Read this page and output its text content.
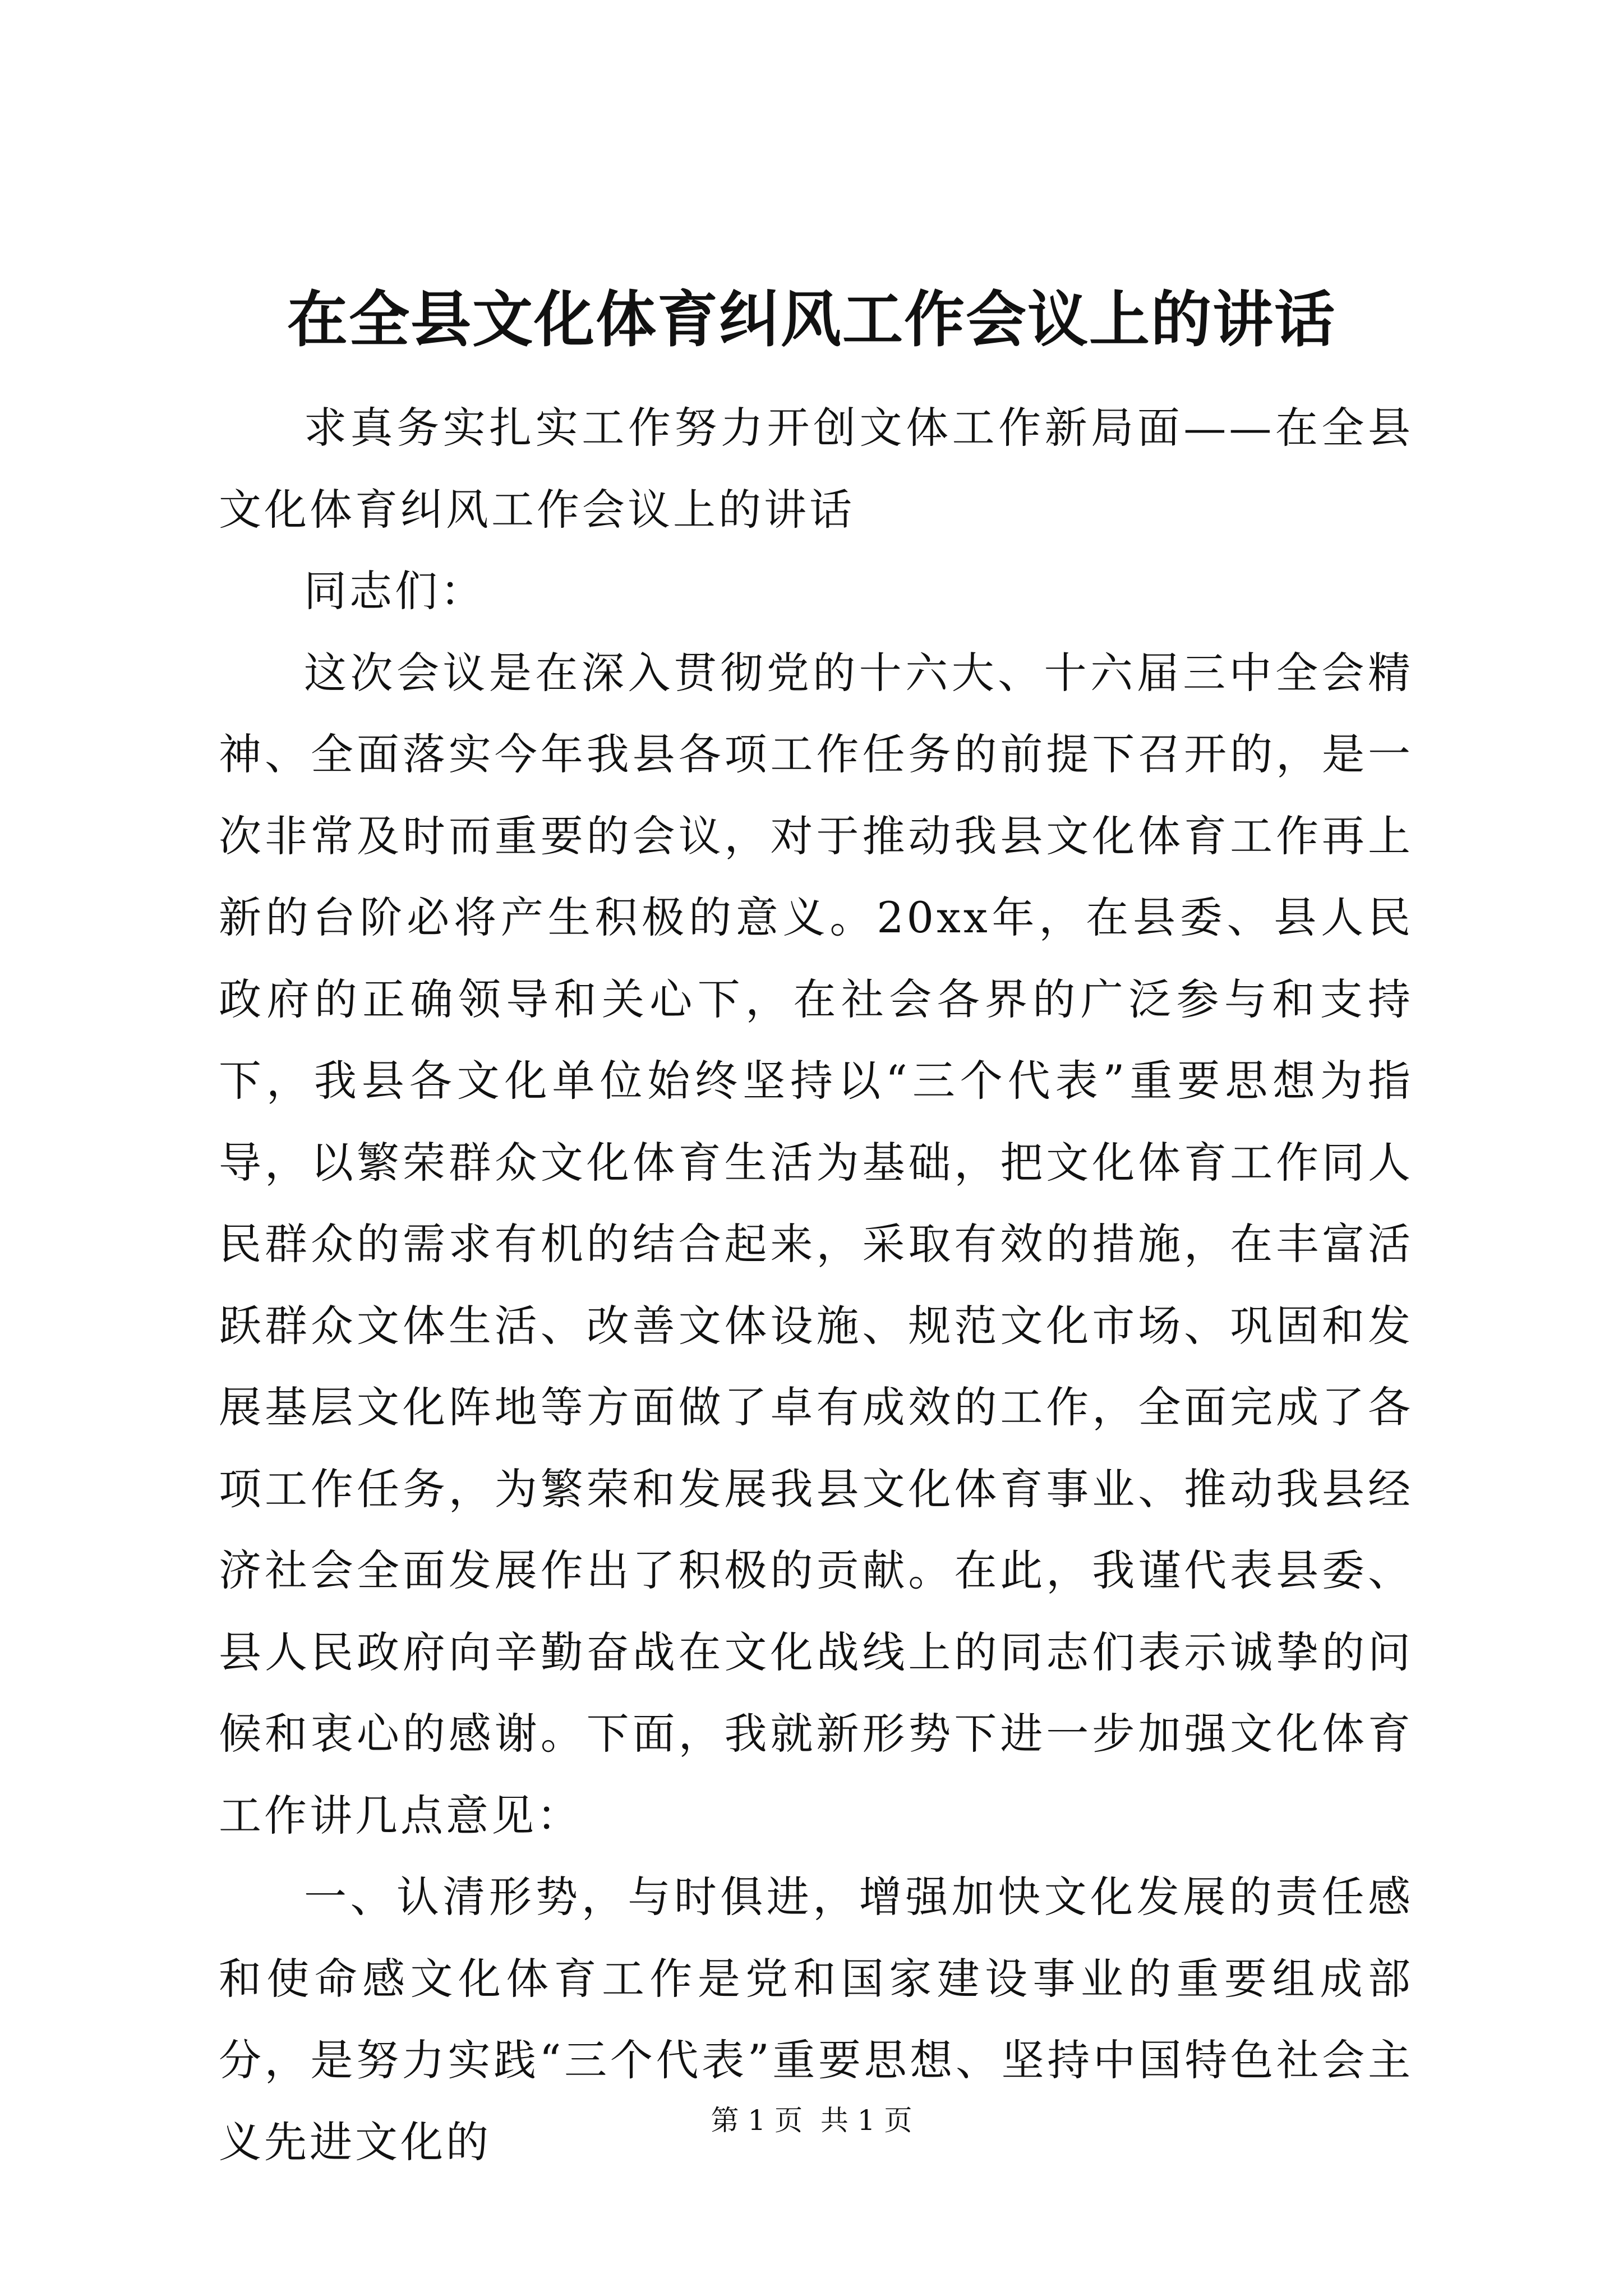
在全县文化体育纠风工作会议上的讲话

求真务实扎实工作努力开创文体工作新局面——在全县文化体育纠风工作会议上的讲话

同志们：

这次会议是在深入贯彻党的十六大、十六届三中全会精神、全面落实今年我县各项工作任务的前提下召开的，是一次非常及时而重要的会议，对于推动我县文化体育工作再上新的台阶必将产生积极的意义。20xx年，在县委、县人民政府的正确领导和关心下，在社会各界的广泛参与和支持下，我县各文化单位始终坚持以“三个代表”重要思想为指导，以繁荣群众文化体育生活为基础，把文化体育工作同人民群众的需求有机的结合起来，采取有效的措施，在丰富活跃群众文体生活、改善文体设施、规范文化市场、巩固和发展基层文化阵地等方面做了卓有成效的工作，全面完成了各项工作任务，为繁荣和发展我县文化体育事业、推动我县经济社会全面发展作出了积极的贡献。在此，我谨代表县委、县人民政府向辛勤奋战在文化战线上的同志们表示诚挚的问候和衷心的感谢。下面，我就新形势下进一步加强文化体育工作讲几点意见：

一、认清形势，与时俱进，增强加快文化发展的责任感和使命感文化体育工作是党和国家建设事业的重要组成部分，是努力实践“三个代表”重要思想、坚持中国特色社会主义先进文化的	第 1 页  共 1 页
